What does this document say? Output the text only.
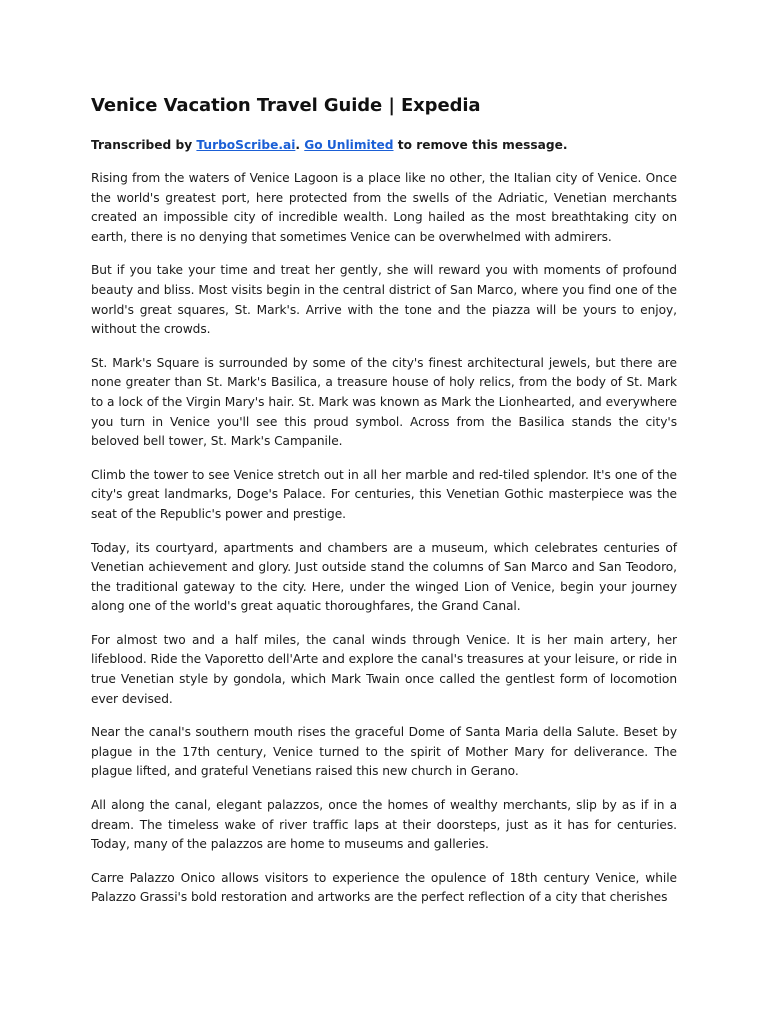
Venice Vacation Travel Guide | Expedia
Transcribed by TurboScribe.ai. Go Unlimited to remove this message.

Rising from the waters of Venice Lagoon is a place like no other, the Italian city of Venice. Once the world's greatest port, here protected from the swells of the Adriatic, Venetian merchants created an impossible city of incredible wealth. Long hailed as the most breathtaking city on earth, there is no denying that sometimes Venice can be overwhelmed with admirers.

But if you take your time and treat her gently, she will reward you with moments of profound beauty and bliss. Most visits begin in the central district of San Marco, where you find one of the world's great squares, St. Mark's. Arrive with the tone and the piazza will be yours to enjoy, without the crowds.

St. Mark's Square is surrounded by some of the city's finest architectural jewels, but there are none greater than St. Mark's Basilica, a treasure house of holy relics, from the body of St. Mark to a lock of the Virgin Mary's hair. St. Mark was known as Mark the Lionhearted, and everywhere you turn in Venice you'll see this proud symbol. Across from the Basilica stands the city's beloved bell tower, St. Mark's Campanile.

Climb the tower to see Venice stretch out in all her marble and red-tiled splendor. It's one of the city's great landmarks, Doge's Palace. For centuries, this Venetian Gothic masterpiece was the seat of the Republic's power and prestige.

Today, its courtyard, apartments and chambers are a museum, which celebrates centuries of Venetian achievement and glory. Just outside stand the columns of San Marco and San Teodoro, the traditional gateway to the city. Here, under the winged Lion of Venice, begin your journey along one of the world's great aquatic thoroughfares, the Grand Canal.

For almost two and a half miles, the canal winds through Venice. It is her main artery, her lifeblood. Ride the Vaporetto dell'Arte and explore the canal's treasures at your leisure, or ride in true Venetian style by gondola, which Mark Twain once called the gentlest form of locomotion ever devised.

Near the canal's southern mouth rises the graceful Dome of Santa Maria della Salute. Beset by plague in the 17th century, Venice turned to the spirit of Mother Mary for deliverance. The plague lifted, and grateful Venetians raised this new church in Gerano.

All along the canal, elegant palazzos, once the homes of wealthy merchants, slip by as if in a dream. The timeless wake of river traffic laps at their doorsteps, just as it has for centuries. Today, many of the palazzos are home to museums and galleries.

Carre Palazzo Onico allows visitors to experience the opulence of 18th century Venice, while Palazzo Grassi's bold restoration and artworks are the perfect reflection of a city that cherishes
